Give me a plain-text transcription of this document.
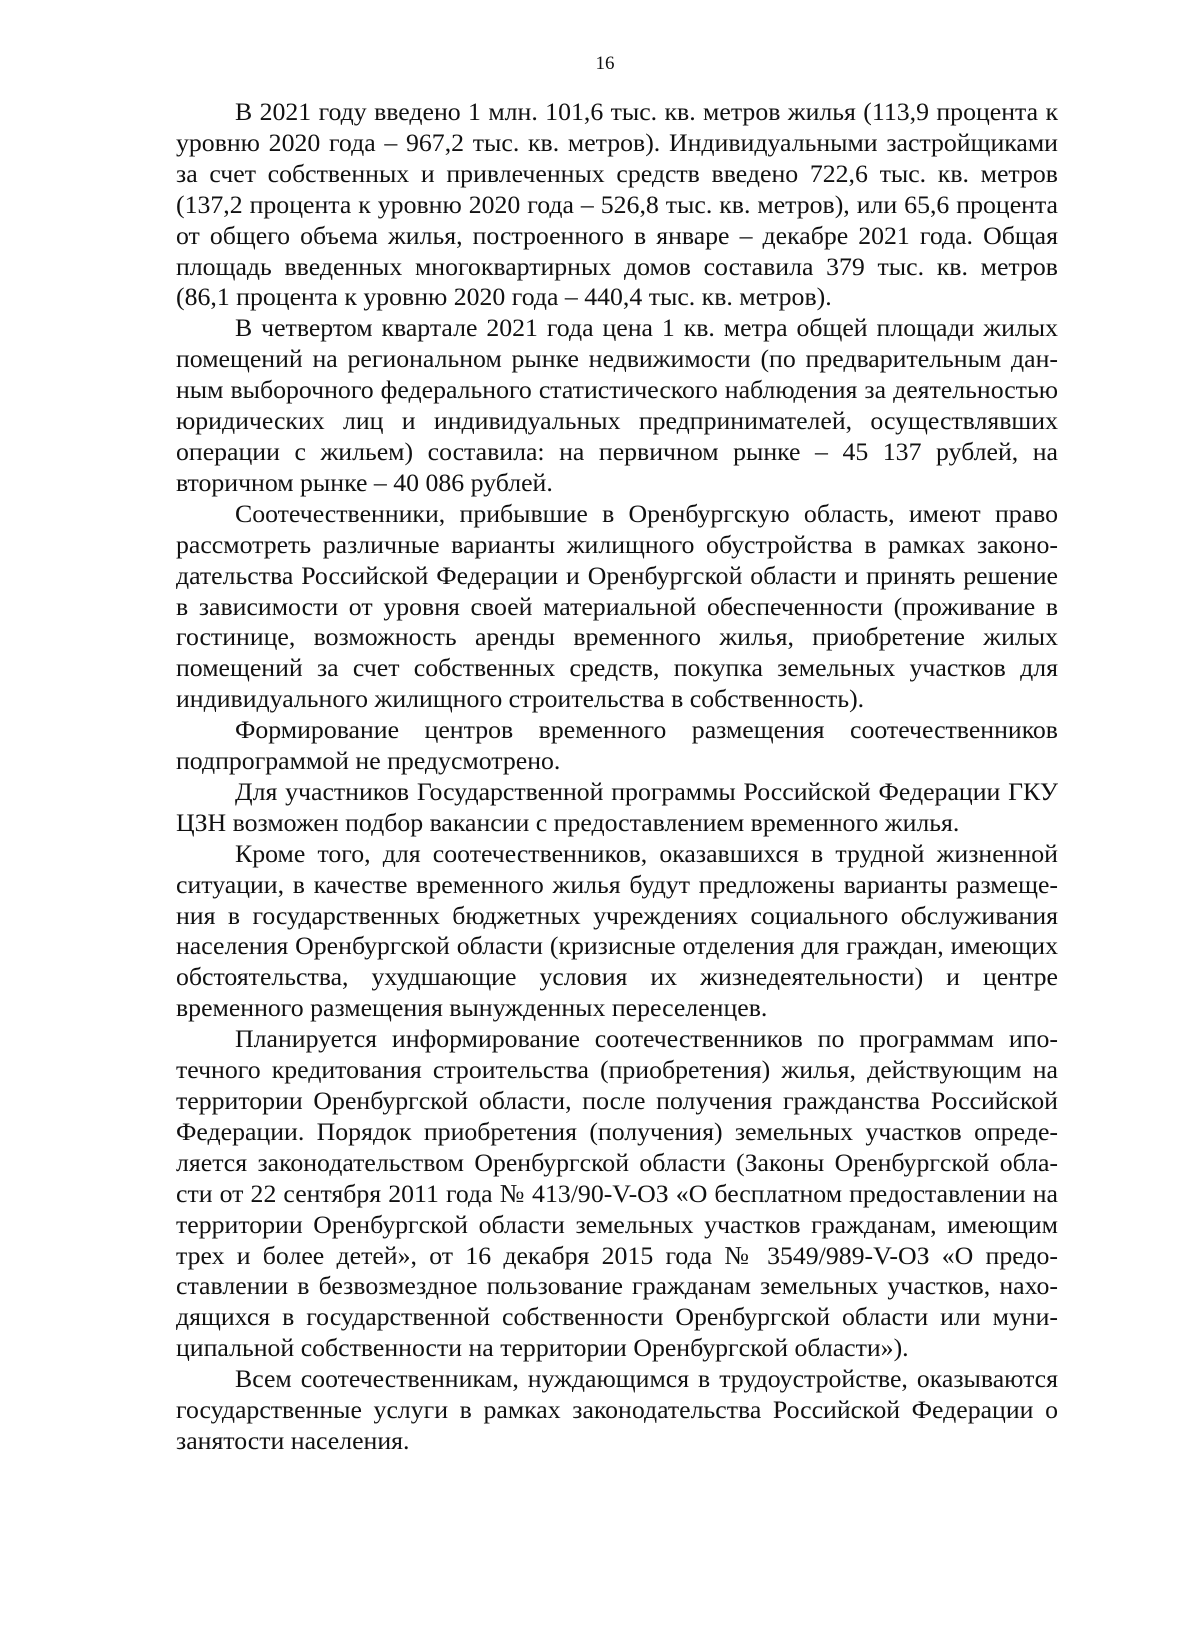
16

В 2021 году введено 1 млн. 101,6 тыс. кв. метров жилья (113,9 процента к уровню 2020 года – 967,2 тыс. кв. метров). Индивидуальными застройщиками за счет собственных и привлеченных средств введено 722,6 тыс. кв. метров (137,2 процента к уровню 2020 года – 526,8 тыс. кв. метров), или 65,6 процента от общего объема жилья, построенного в январе – декабре 2021 года. Общая площадь введенных многоквартирных домов составила 379 тыс. кв. метров (86,1 процента к уровню 2020 года – 440,4 тыс. кв. метров).

В четвертом квартале 2021 года цена 1 кв. метра общей площади жилых помещений на региональном рынке недвижимости (по предварительным данным выборочного федерального статистического наблюдения за деятельностью юридических лиц и индивидуальных предпринимателей, осуществлявших операции с жильем) составила: на первичном рынке – 45 137 рублей, на вторичном рынке – 40 086 рублей.

Соотечественники, прибывшие в Оренбургскую область, имеют право рассмотреть различные варианты жилищного обустройства в рамках законодательства Российской Федерации и Оренбургской области и принять решение в зависимости от уровня своей материальной обеспеченности (проживание в гостинице, возможность аренды временного жилья, приобретение жилых помещений за счет собственных средств, покупка земельных участков для индивидуального жилищного строительства в собственность).

Формирование центров временного размещения соотечественников подпрограммой не предусмотрено.

Для участников Государственной программы Российской Федерации ГКУ ЦЗН возможен подбор вакансии с предоставлением временного жилья.

Кроме того, для соотечественников, оказавшихся в трудной жизненной ситуации, в качестве временного жилья будут предложены варианты размещения в государственных бюджетных учреждениях социального обслуживания населения Оренбургской области (кризисные отделения для граждан, имеющих обстоятельства, ухудшающие условия их жизнедеятельности) и центре временного размещения вынужденных переселенцев.

Планируется информирование соотечественников по программам ипотечного кредитования строительства (приобретения) жилья, действующим на территории Оренбургской области, после получения гражданства Российской Федерации. Порядок приобретения (получения) земельных участков определяется законодательством Оренбургской области (Законы Оренбургской области от 22 сентября 2011 года № 413/90-V-ОЗ «О бесплатном предоставлении на территории Оренбургской области земельных участков гражданам, имеющим трех и более детей», от 16 декабря 2015 года № 3549/989-V-ОЗ «О предоставлении в безвозмездное пользование гражданам земельных участков, находящихся в государственной собственности Оренбургской области или муниципальной собственности на территории Оренбургской области»).

Всем соотечественникам, нуждающимся в трудоустройстве, оказываются государственные услуги в рамках законодательства Российской Федерации о занятости населения.
